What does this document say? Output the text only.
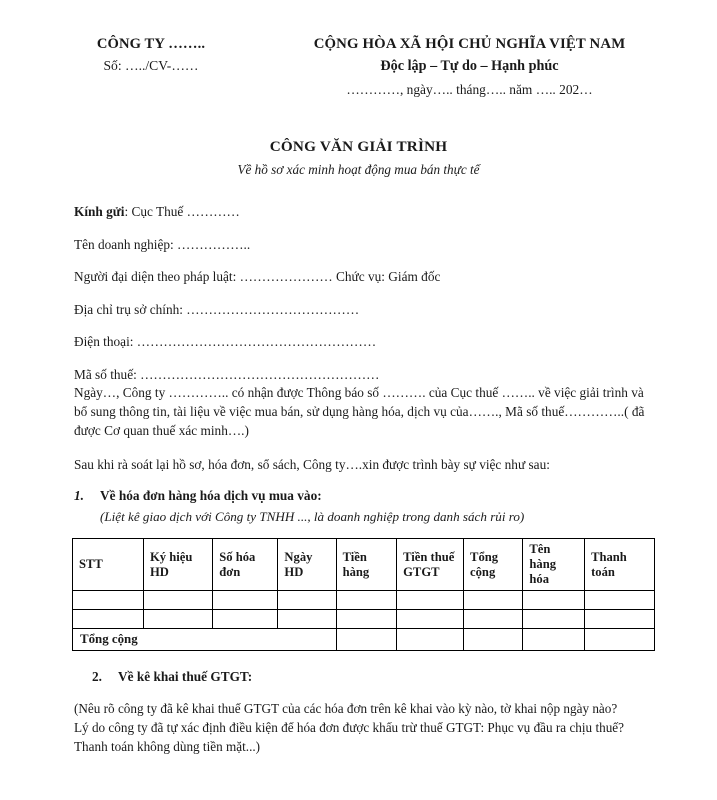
CÔNG TY ……..
Số: …../CV-……
CỘNG HÒA XÃ HỘI CHỦ NGHĨA VIỆT NAM
Độc lập – Tự do – Hạnh phúc
…………, ngày….. tháng….. năm ….. 202…
CÔNG VĂN GIẢI TRÌNH
Về hồ sơ xác minh hoạt động mua bán thực tế
Kính gửi: Cục Thuế …………
Tên doanh nghiệp: ……………..
Người đại diện theo pháp luật: ………………… Chức vụ: Giám đốc
Địa chỉ trụ sở chính: …………………………………
Điện thoại: ………………………………………………
Mã số thuế: ………………………………………………
Ngày…, Công ty ………….. có nhận được Thông báo số ………. của Cục thuế …….. về việc giải trình và bổ sung thông tin, tài liệu về việc mua bán, sử dụng hàng hóa, dịch vụ của……., Mã số thuế…………..( đã được Cơ quan thuế xác minh….)
Sau khi rà soát lại hồ sơ, hóa đơn, sổ sách, Công ty….xin được trình bày sự việc như sau:
1.	Về hóa đơn hàng hóa dịch vụ mua vào:
(Liệt kê giao dịch với Công ty TNHH ..., là doanh nghiệp trong danh sách rủi ro)
STT	Ký hiệu HD	Số hóa đơn	Ngày HD	Tiền hàng	Tiền thuế GTGT	Tổng cộng	Tên hàng hóa	Thanh toán

Tổng cộng								
2.	Về kê khai thuế GTGT:
(Nêu rõ công ty đã kê khai thuế GTGT của các hóa đơn trên kê khai vào kỳ nào, tờ khai nộp ngày nào?
Lý do công ty đã tự xác định điều kiện để hóa đơn được khấu trừ thuế GTGT: Phục vụ đầu ra chịu thuế?Thanh toán không dùng tiền mặt...)
